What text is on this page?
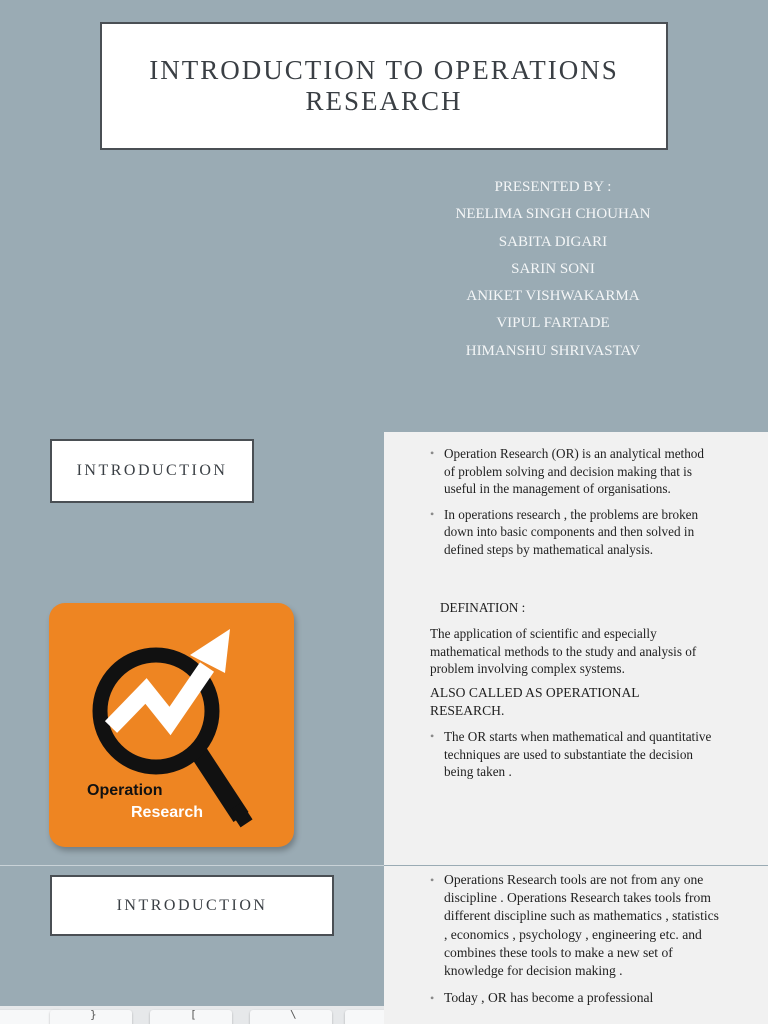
INTRODUCTION TO OPERATIONS RESEARCH
PRESENTED BY :
NEELIMA SINGH CHOUHAN
SABITA DIGARI
SARIN SONI
ANIKET VISHWAKARMA
VIPUL FARTADE
HIMANSHU SHRIVASTAV
INTRODUCTION
Operation
Research
• Operation Research (OR) is an analytical method of problem solving and decision making that is useful in the management of organisations.
• In operations research , the problems are broken down into basic components and then solved in defined steps by mathematical analysis.
DEFINATION :
The application of scientific and especially mathematical methods to the study and analysis of problem involving complex systems.
ALSO CALLED AS OPERATIONAL RESEARCH.
• The OR starts when mathematical and quantitative techniques are used to substantiate the decision being taken .
INTRODUCTION
}	[	\
• Operations Research tools are not from any one discipline . Operations Research takes tools from different discipline such as mathematics , statistics , economics , psychology , engineering etc. and combines these tools to make a new set of knowledge for decision making .
• Today , OR has become a professional
